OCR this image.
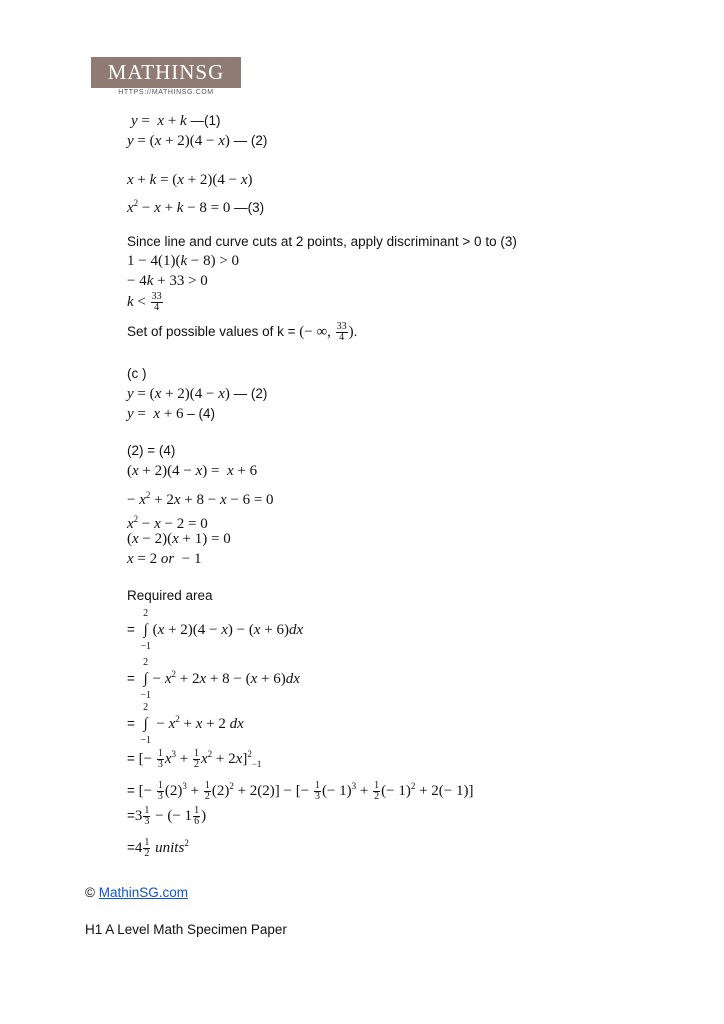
MATHINSG
HTTPS://MATHINSG.COM
y =  x + k —(1)
y = (x + 2)(4 − x) — (2)
x + k = (x + 2)(4 − x)
$x^2 - x + k - 8 = 0$ —(3)
Since line and curve cuts at 2 points, apply discriminant > 0 to (3)
1 − 4(1)(k − 8) > 0
− 4k + 33 > 0
$k < \frac{33}{4}$
Set of possible values of k = (− ∞, $\frac{33}{4}$ ).
(c )
y = (x + 2)(4 − x) — (2)
y =  x + 6 – (4)
(2) = (4)
(x + 2)(4 − x) =  x + 6
− $x^2 + 2x + 8 - x - 6 = 0$
$x^2 - x - 2 = 0$
(x − 2)(x + 1) = 0
x = 2 or  − 1
Required area
=
2
∫
−1
(x + 2)(4 − x) − (x + 6)dx
=
2
∫
−1
− $x^2 + 2x + 8 - (x + 6)dx$
=
2
∫
−1
− $x^2 + x + 2$ dx
= [− $\frac{1}{3} x^3 + \frac{1}{2} x^2 + 2x]^2_{-1}$
= [− $\frac{1}{3} (2)^3 + \frac{1}{2} (2)^2 + 2(2)$] − [− $\frac{1}{3}$ (− $1)^3 + \frac{1}{2}$ (− 1)$^2$ + 2(− 1)]
$=3 \frac{1}{3}$ − (− $1 \frac{1}{6}$ )
$=4 \frac{1}{2}$ units$^2$
© MathinSG.com
H1 A Level Math Specimen Paper
